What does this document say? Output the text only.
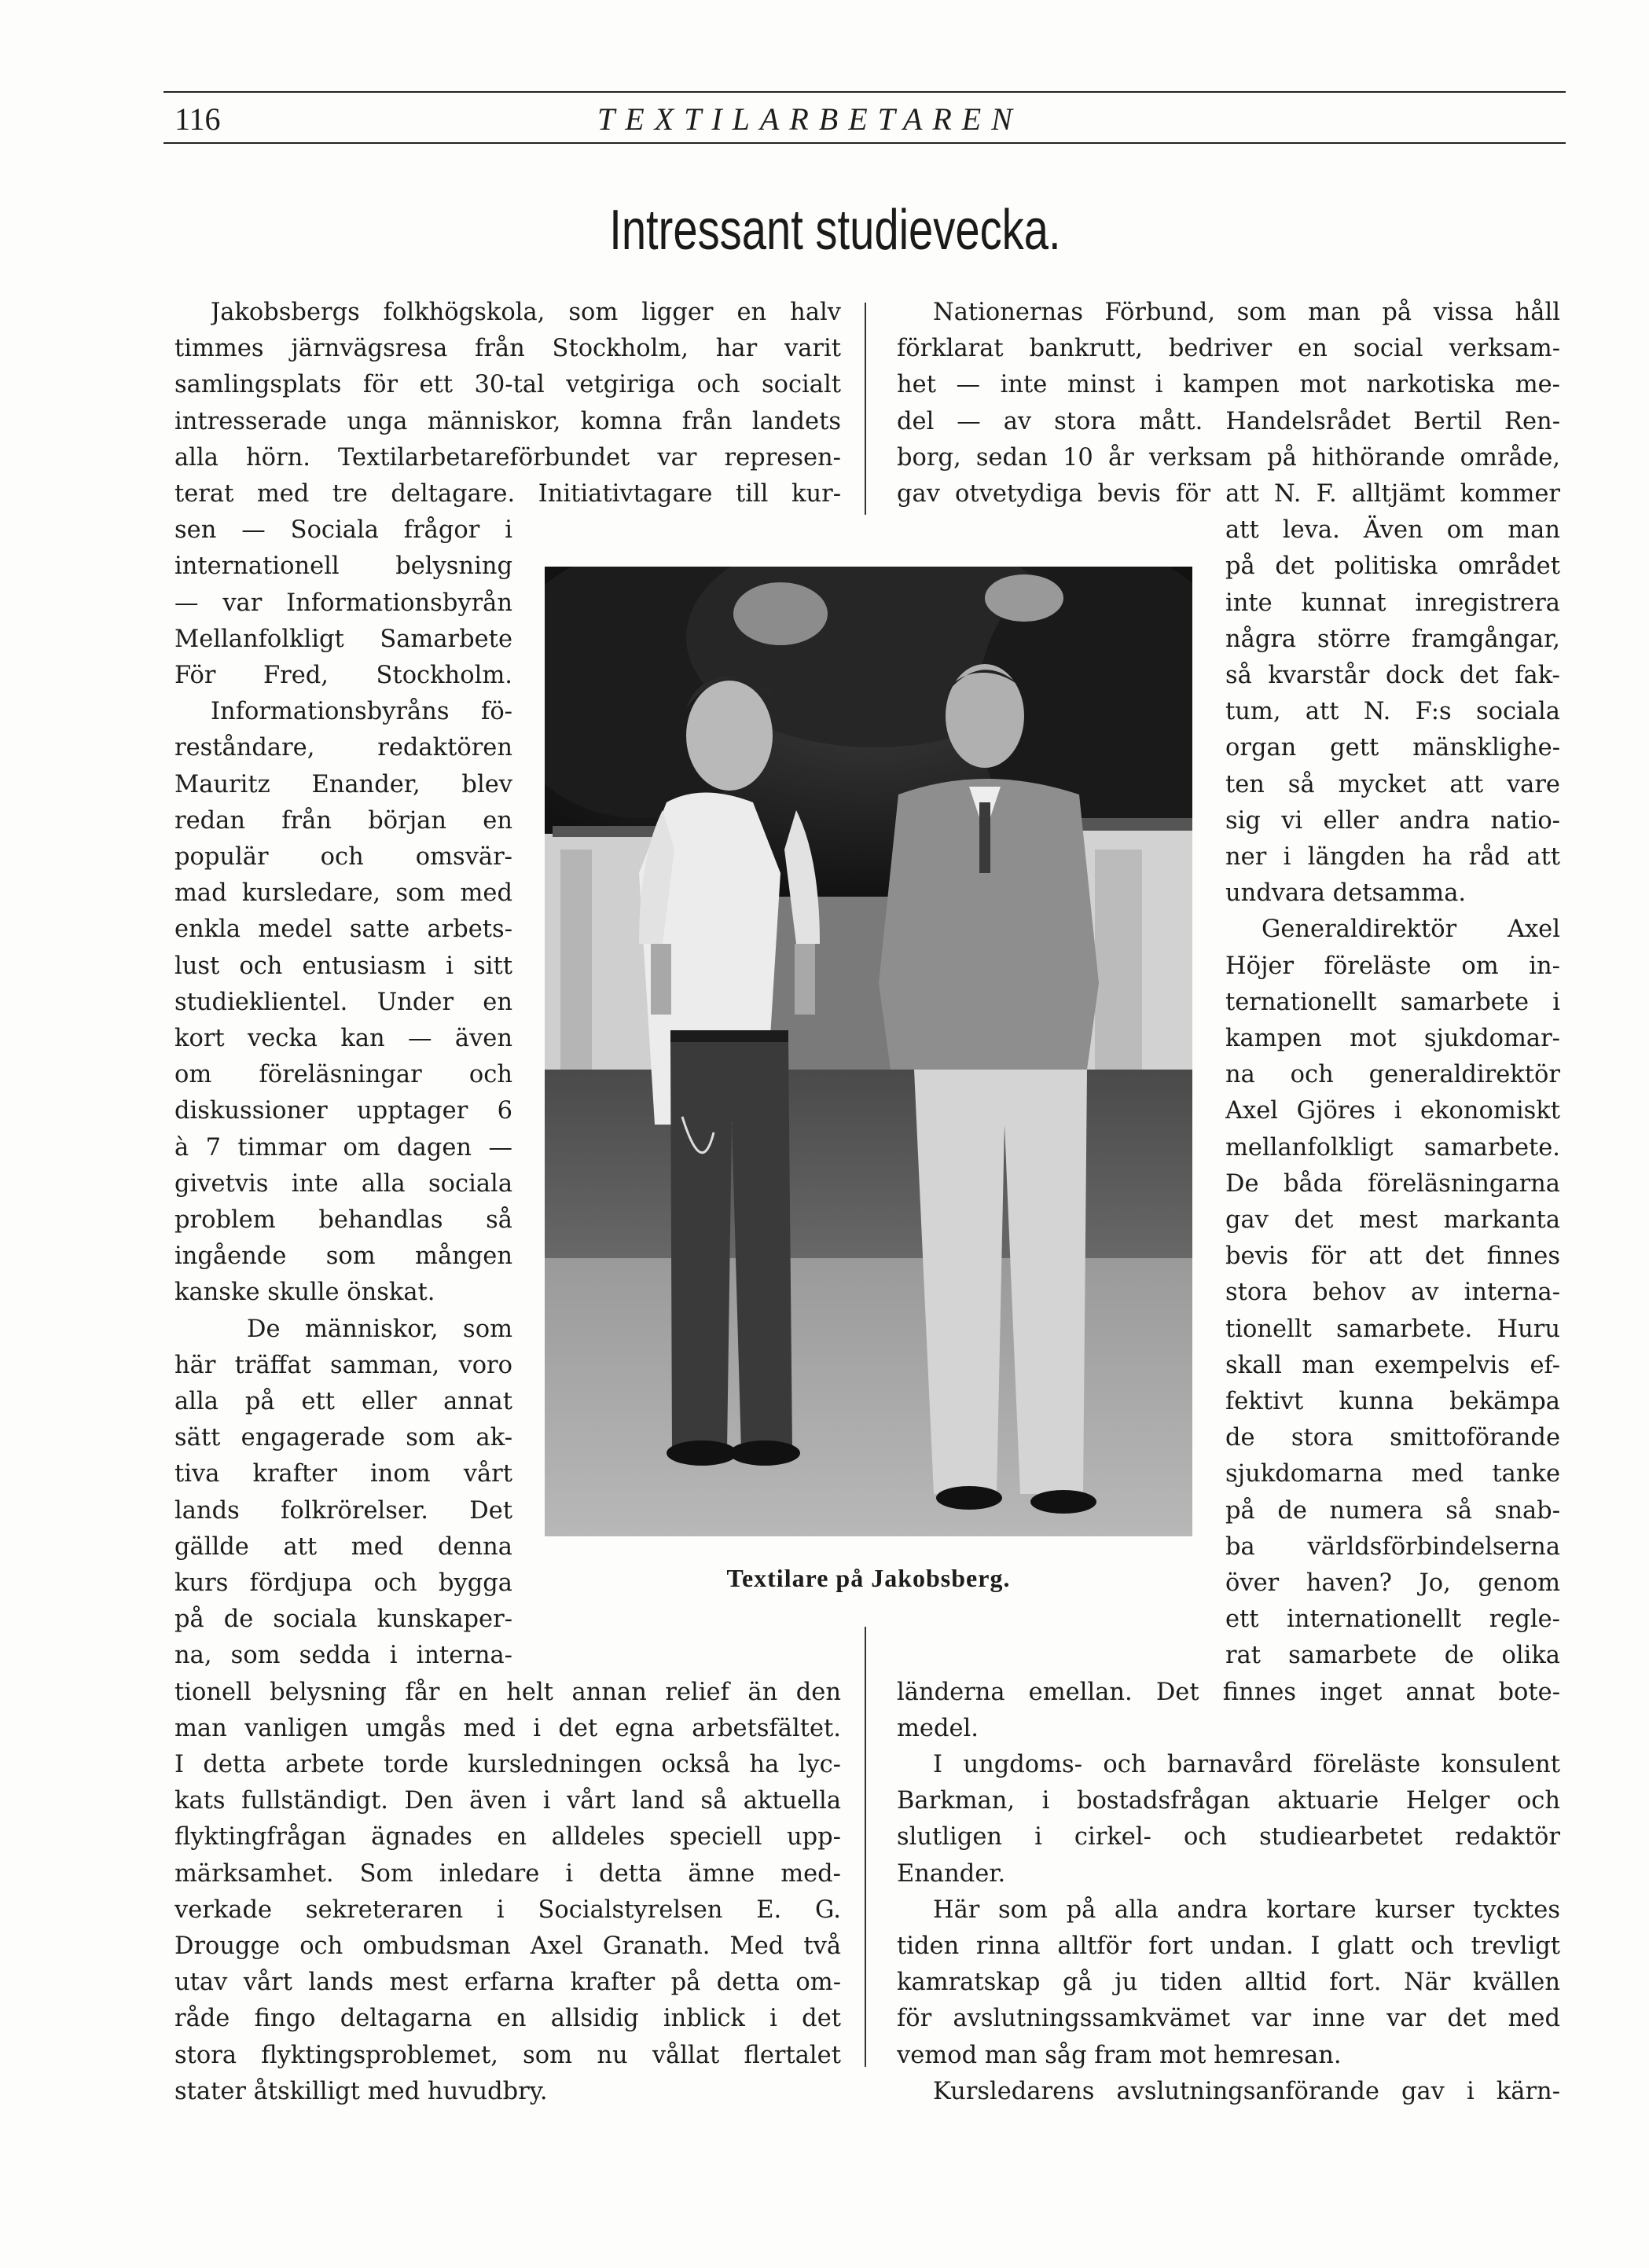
116	TEXTILARBETAREN
Intressant studievecka.
Textilare på Jakobsberg.
Jakobsbergs folkhögskola, som ligger en halv
timmes järnvägsresa från Stockholm, har varit
samlingsplats för ett 30-tal vetgiriga och socialt
intresserade unga människor, komna från landets
alla hörn. Textilarbetareförbundet var represen-
terat med tre deltagare. Initiativtagare till kur-
sen — Sociala frågor i
internationell belysning
— var Informationsbyrån
Mellanfolkligt Samarbete
För Fred, Stockholm.
Informationsbyråns fö-
reståndare, redaktören
Mauritz Enander, blev
redan från början en
populär och omsvär-
mad kursledare, som med
enkla medel satte arbets-
lust och entusiasm i sitt
studieklientel. Under en
kort vecka kan — även
om föreläsningar och
diskussioner upptager 6
à 7 timmar om dagen —
givetvis inte alla sociala
problem behandlas så
ingående som mången
kanske skulle önskat.
De människor, som
här träffat samman, voro
alla på ett eller annat
sätt engagerade som ak-
tiva krafter inom vårt
lands folkrörelser. Det
gällde att med denna
kurs fördjupa och bygga
på de sociala kunskaper-
na, som sedda i interna-
tionell belysning får en helt annan relief än den
man vanligen umgås med i det egna arbetsfältet.
I detta arbete torde kursledningen också ha lyc-
kats fullständigt. Den även i vårt land så aktuella
flyktingfrågan ägnades en alldeles speciell upp-
märksamhet. Som inledare i detta ämne med-
verkade sekreteraren i Socialstyrelsen E. G.
Drougge och ombudsman Axel Granath. Med två
utav vårt lands mest erfarna krafter på detta om-
råde fingo deltagarna en allsidig inblick i det
stora flyktingsproblemet, som nu vållat flertalet
stater åtskilligt med huvudbry.
Nationernas Förbund, som man på vissa håll
förklarat bankrutt, bedriver en social verksam-
het — inte minst i kampen mot narkotiska me-
del — av stora mått. Handelsrådet Bertil Ren-
borg, sedan 10 år verksam på hithörande område,
gav otvetydiga bevis för att N. F. alltjämt kommer
att leva. Även om man
på det politiska området
inte kunnat inregistrera
några större framgångar,
så kvarstår dock det fak-
tum, att N. F:s sociala
organ gett mänsklighe-
ten så mycket att vare
sig vi eller andra natio-
ner i längden ha råd att
undvara detsamma.
Generaldirektör Axel
Höjer föreläste om in-
ternationellt samarbete i
kampen mot sjukdomar-
na och generaldirektör
Axel Gjöres i ekonomiskt
mellanfolkligt samarbete.
De båda föreläsningarna
gav det mest markanta
bevis för att det finnes
stora behov av interna-
tionellt samarbete. Huru
skall man exempelvis ef-
fektivt kunna bekämpa
de stora smittoförande
sjukdomarna med tanke
på de numera så snab-
ba världsförbindelserna
över haven? Jo, genom
ett internationellt regle-
rat samarbete de olika
länderna emellan. Det finnes inget annat bote-
medel.
I ungdoms- och barnavård föreläste konsulent
Barkman, i bostadsfrågan aktuarie Helger och
slutligen i cirkel- och studiearbetet redaktör
Enander.
Här som på alla andra kortare kurser tycktes
tiden rinna alltför fort undan. I glatt och trevligt
kamratskap gå ju tiden alltid fort. När kvällen
för avslutningssamkvämet var inne var det med
vemod man såg fram mot hemresan.
Kursledarens avslutningsanförande gav i kärn-
